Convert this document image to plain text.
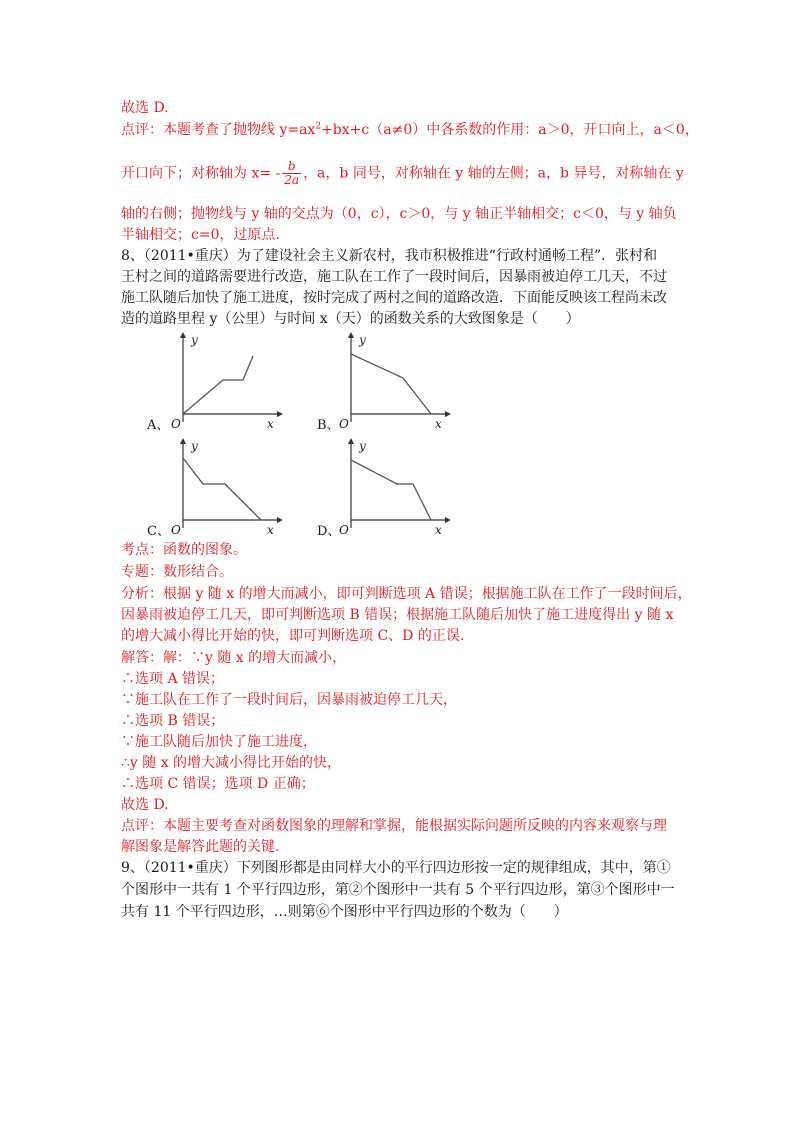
故选 D.
点评：本题考查了抛物线 $y=ax^2+bx+c(a\ne 0)$中各系数的作用：a＞0，开口向上，a＜0，
开口向下；对称轴为 $x= - \frac{b}{2a}$ ，a，b 同号，对称轴在 y 轴的左侧；a，b 异号，对称轴在 y
轴的右侧；抛物线与 y 轴的交点为（0，c），c＞0，与 y 轴正半轴相交；c＜0，与 y 轴负
半轴相交；c=0，过原点.
8、（2011•重庆）为了建设社会主义新农村，我市积极推进“行政村通畅工程”．张村和
王村之间的道路需要进行改造，施工队在工作了一段时间后，因暴雨被迫停工几天，不过
施工队随后加快了施工进度，按时完成了两村之间的道路改造．下面能反映该工程尚未改
造的道路里程 y（公里）与时间 x（天）的函数关系的大致图象是（　　）
A、	B、
C、	D、
y
x
O
y
x
O
y
x
O
y
x
O
考点：函数的图象。
专题：数形结合。
分析：根据 y 随 x 的增大而减小，即可判断选项 A 错误；根据施工队在工作了一段时间后，
因暴雨被迫停工几天，即可判断选项 B 错误；根据施工队随后加快了施工进度得出 y 随 x
的增大减小得比开始的快，即可判断选项 C、D 的正误.
解答：解：∵y 随 x 的增大而减小，
∴选项 A 错误；
∵施工队在工作了一段时间后，因暴雨被迫停工几天，
∴选项 B 错误；
∵施工队随后加快了施工进度，
∴y 随 x 的增大减小得比开始的快，
∴选项 C 错误；选项 D 正确；
故选 D.
点评：本题主要考查对函数图象的理解和掌握，能根据实际问题所反映的内容来观察与理
解图象是解答此题的关键.
9、（2011•重庆）下列图形都是由同样大小的平行四边形按一定的规律组成，其中，第①
个图形中一共有 1 个平行四边形，第②个图形中一共有 5 个平行四边形，第③个图形中一
共有 11 个平行四边形，…则第⑥个图形中平行四边形的个数为（　　）
